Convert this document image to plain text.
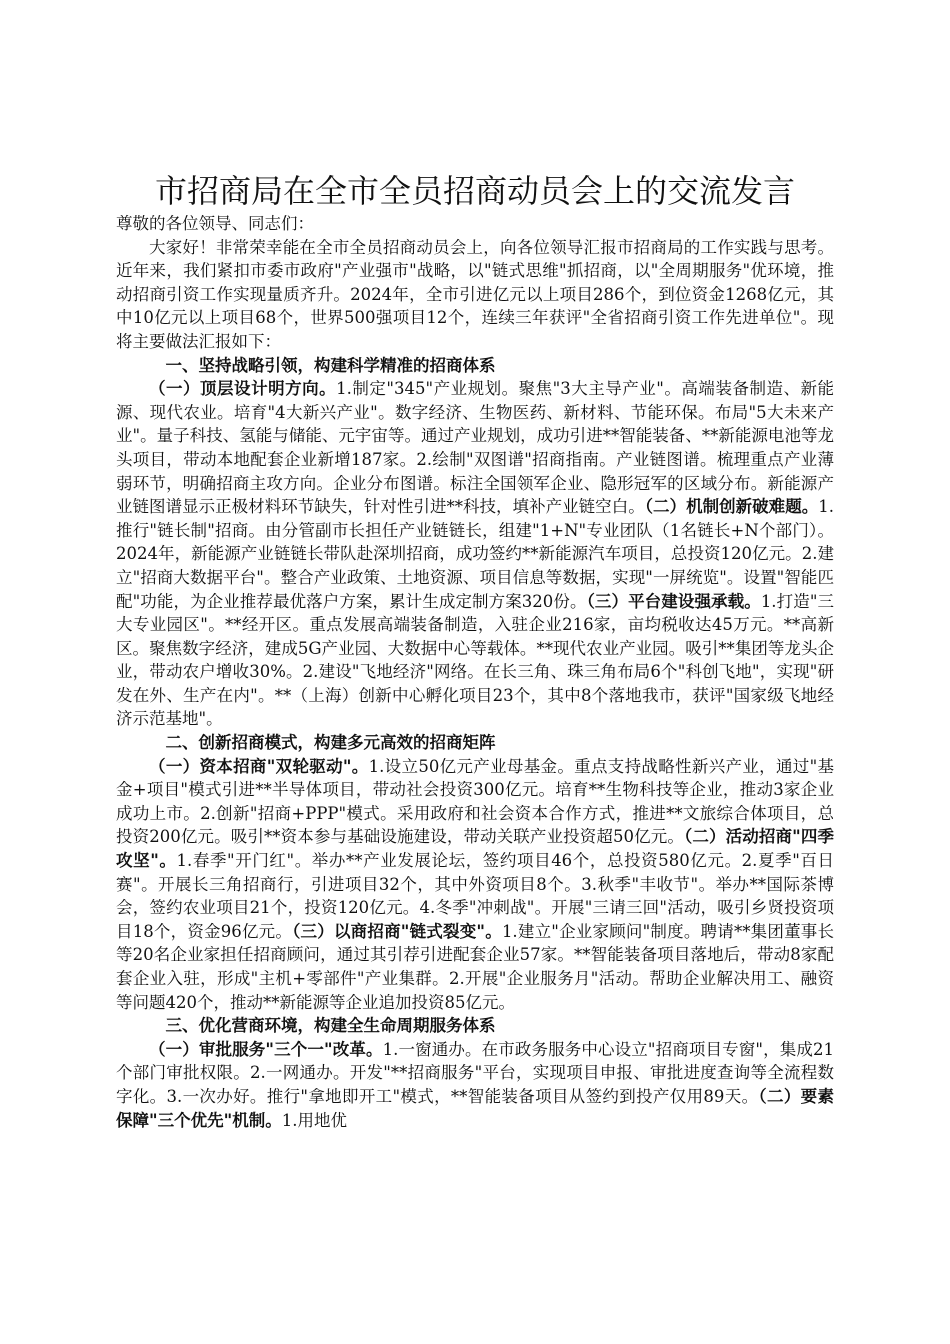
市招商局在全市全员招商动员会上的交流发言

尊敬的各位领导、同志们：

大家好！非常荣幸能在全市全员招商动员会上，向各位领导汇报市招商局的工作实践与思考。近年来，我们紧扣市委市政府"产业强市"战略，以"链式思维"抓招商，以"全周期服务"优环境，推动招商引资工作实现量质齐升。2024年，全市引进亿元以上项目286个，到位资金1268亿元，其中10亿元以上项目68个，世界500强项目12个，连续三年获评"全省招商引资工作先进单位"。现将主要做法汇报如下：

一、坚持战略引领，构建科学精准的招商体系

（一）顶层设计明方向。1.制定"345"产业规划。聚焦"3大主导产业"。高端装备制造、新能源、现代农业。培育"4大新兴产业"。数字经济、生物医药、新材料、节能环保。布局"5大未来产业"。量子科技、氢能与储能、元宇宙等。通过产业规划，成功引进**智能装备、**新能源电池等龙头项目，带动本地配套企业新增187家。2.绘制"双图谱"招商指南。产业链图谱。梳理重点产业薄弱环节，明确招商主攻方向。企业分布图谱。标注全国领军企业、隐形冠军的区域分布。新能源产业链图谱显示正极材料环节缺失，针对性引进**科技，填补产业链空白。（二）机制创新破难题。1.推行"链长制"招商。由分管副市长担任产业链链长，组建"1+N"专业团队（1名链长+N个部门）。2024年，新能源产业链链长带队赴深圳招商，成功签约**新能源汽车项目，总投资120亿元。2.建立"招商大数据平台"。整合产业政策、土地资源、项目信息等数据，实现"一屏统览"。设置"智能匹配"功能，为企业推荐最优落户方案，累计生成定制方案320份。（三）平台建设强承载。1.打造"三大专业园区"。**经开区。重点发展高端装备制造，入驻企业216家，亩均税收达45万元。**高新区。聚焦数字经济，建成5G产业园、大数据中心等载体。**现代农业产业园。吸引**集团等龙头企业，带动农户增收30%。2.建设"飞地经济"网络。在长三角、珠三角布局6个"科创飞地"，实现"研发在外、生产在内"。**（上海）创新中心孵化项目23个，其中8个落地我市，获评"国家级飞地经济示范基地"。

二、创新招商模式，构建多元高效的招商矩阵

（一）资本招商"双轮驱动"。1.设立50亿元产业母基金。重点支持战略性新兴产业，通过"基金+项目"模式引进**半导体项目，带动社会投资300亿元。培育**生物科技等企业，推动3家企业成功上市。2.创新"招商+PPP"模式。采用政府和社会资本合作方式，推进**文旅综合体项目，总投资200亿元。吸引**资本参与基础设施建设，带动关联产业投资超50亿元。（二）活动招商"四季攻坚"。1.春季"开门红"。举办**产业发展论坛，签约项目46个，总投资580亿元。2.夏季"百日赛"。开展长三角招商行，引进项目32个，其中外资项目8个。3.秋季"丰收节"。举办**国际茶博会，签约农业项目21个，投资120亿元。4.冬季"冲刺战"。开展"三请三回"活动，吸引乡贤投资项目18个，资金96亿元。（三）以商招商"链式裂变"。1.建立"企业家顾问"制度。聘请**集团董事长等20名企业家担任招商顾问，通过其引荐引进配套企业57家。**智能装备项目落地后，带动8家配套企业入驻，形成"主机+零部件"产业集群。2.开展"企业服务月"活动。帮助企业解决用工、融资等问题420个，推动**新能源等企业追加投资85亿元。

三、优化营商环境，构建全生命周期服务体系

（一）审批服务"三个一"改革。1.一窗通办。在市政务服务中心设立"招商项目专窗"，集成21个部门审批权限。2.一网通办。开发"**招商服务"平台，实现项目申报、审批进度查询等全流程数字化。3.一次办好。推行"拿地即开工"模式，**智能装备项目从签约到投产仅用89天。（二）要素保障"三个优先"机制。1.用地优
